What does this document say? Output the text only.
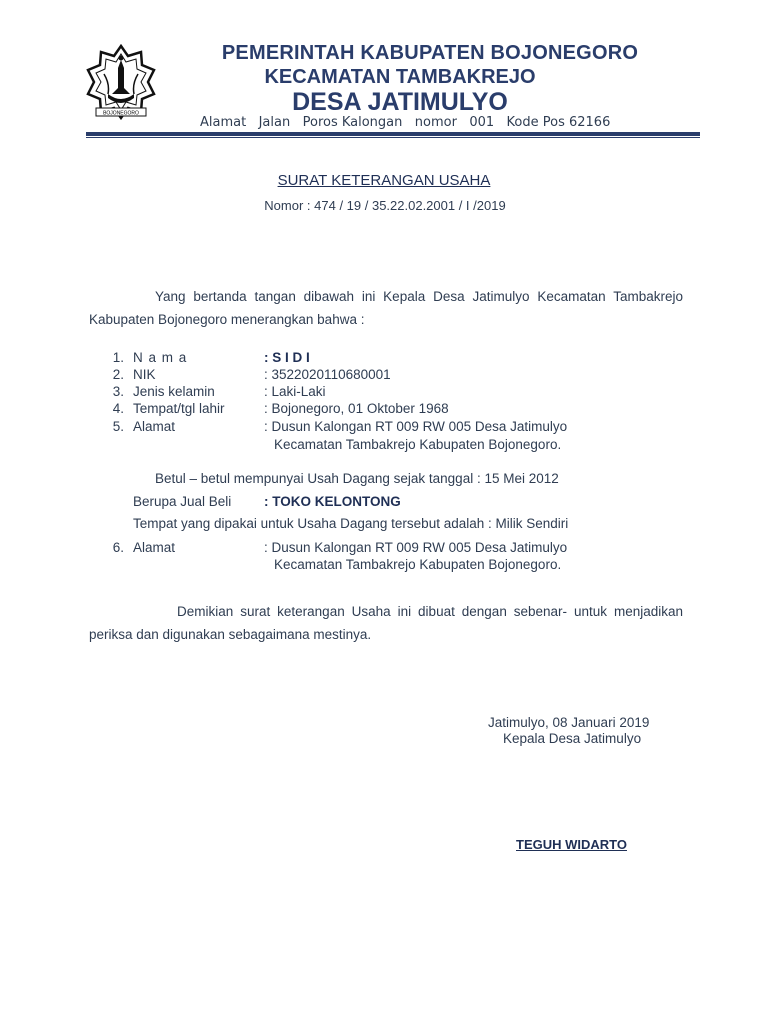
BOJONEGORO
PEMERINTAH KABUPATEN BOJONEGORO
KECAMATAN TAMBAKREJO
DESA JATIMULYO
Alamat   Jalan   Poros Kalongan   nomor   001   Kode Pos 62166
SURAT KETERANGAN USAHA
Nomor : 474 / 19 / 35.22.02.2001 / I /2019
Yang bertanda tangan dibawah ini Kepala Desa Jatimulyo Kecamatan Tambakrejo Kabupaten Bojonegoro menerangkan bahwa :
1. N a m a	: S I D I
2. NIK	: 3522020110680001
3. Jenis kelamin	: Laki-Laki
4. Tempat/tgl lahir	: Bojonegoro, 01 Oktober 1968
5. Alamat	: Dusun Kalongan RT 009 RW 005 Desa Jatimulyo
Kecamatan Tambakrejo Kabupaten Bojonegoro.
Betul – betul mempunyai Usah Dagang sejak tanggal : 15 Mei 2012
Berupa Jual Beli : TOKO KELONTONG
Tempat yang dipakai untuk Usaha Dagang tersebut adalah : Milik Sendiri
6. Alamat	: Dusun Kalongan RT 009 RW 005 Desa Jatimulyo
Kecamatan Tambakrejo Kabupaten Bojonegoro.
Demikian surat keterangan Usaha ini dibuat dengan sebenar- untuk menjadikan periksa dan digunakan sebagaimana mestinya.
Jatimulyo, 08 Januari 2019
Kepala Desa Jatimulyo
TEGUH WIDARTO
